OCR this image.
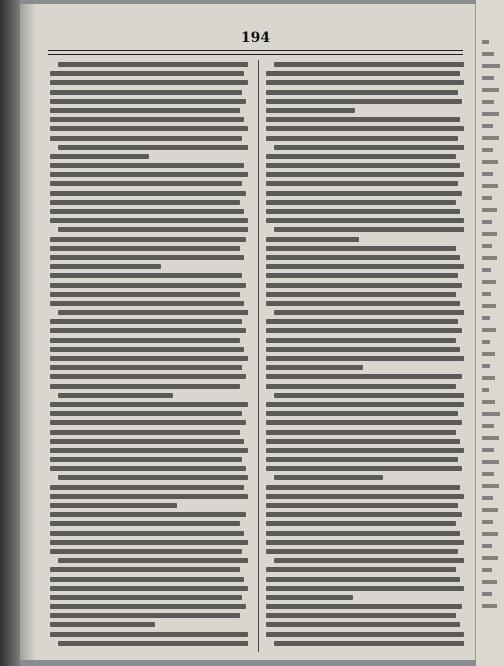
194
